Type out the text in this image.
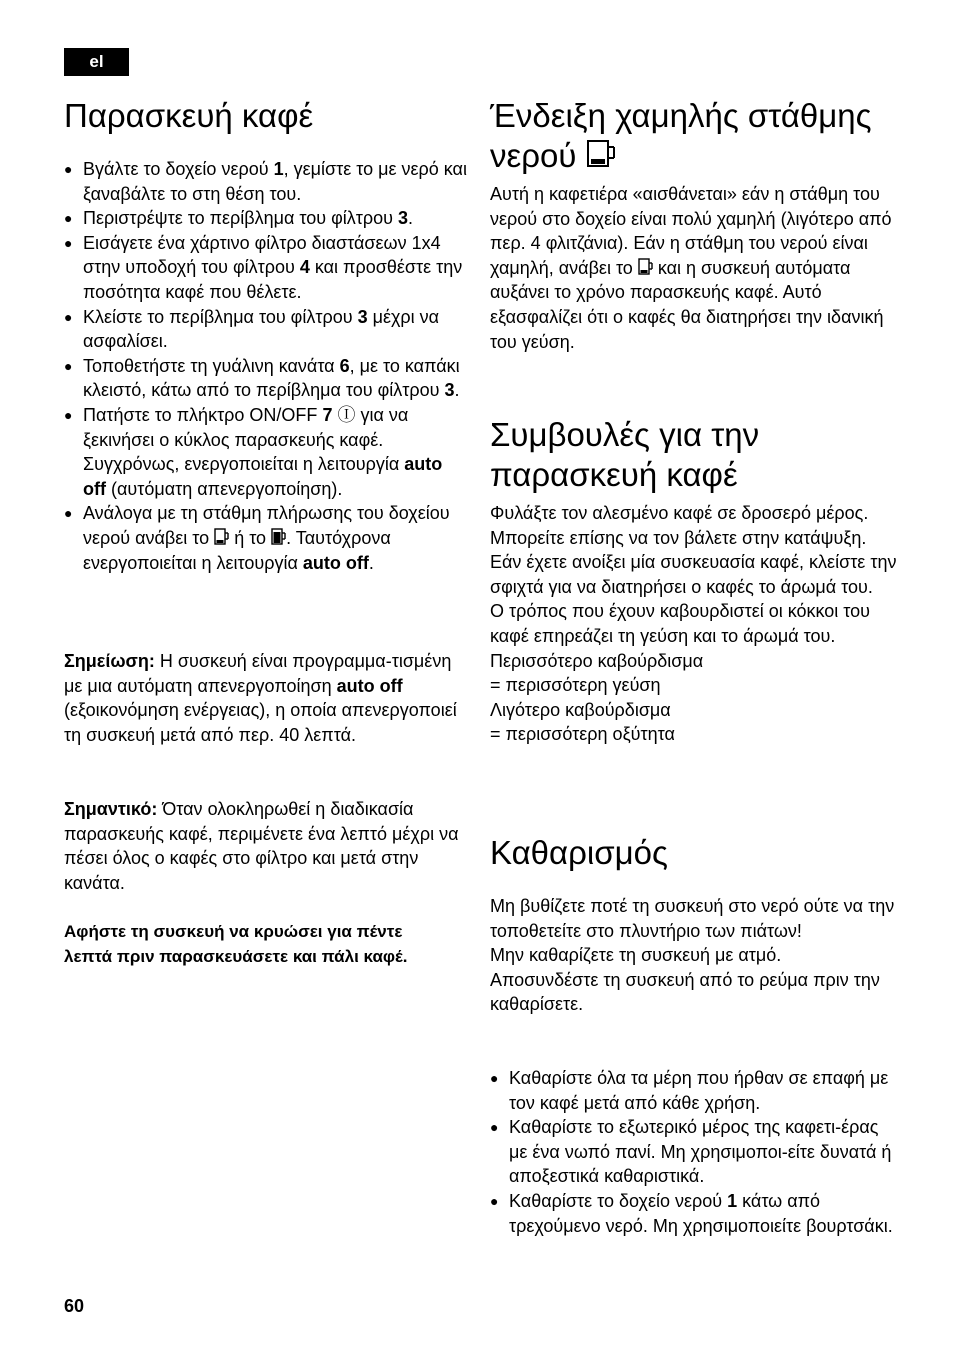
el
Παρασκευή καφέ
● Βγάλτε το δοχείο νερού 1, γεμίστε το με νερό και ξαναβάλτε το στη θέση του.
● Περιστρέψτε το περίβλημα του φίλτρου 3.
● Εισάγετε ένα χάρτινο φίλτρο διαστάσεων 1x4 στην υποδοχή του φίλτρου 4 και προσθέστε την ποσότητα καφέ που θέλετε.
● Κλείστε το περίβλημα του φίλτρου 3 μέχρι να ασφαλίσει.
● Τοποθετήστε τη γυάλινη κανάτα 6, με το καπάκι κλειστό, κάτω από το περίβλημα του φίλτρου 3.
● Πατήστε το πλήκτρο ON/OFF 7 Ⓘ για να ξεκινήσει ο κύκλος παρασκευής καφέ. Συγχρόνως, ενεργοποιείται η λειτουργία auto off (αυτόματη απενεργοποίηση).
● Ανάλογα με τη στάθμη πλήρωσης του δοχείου νερού ανάβει το
ή το
. Ταυτόχρονα ενεργοποιείται η λειτουργία auto off.

Σημείωση: Η συσκευή είναι προγραμμα-τισμένη με μια αυτόματη απενεργοποίηση auto off (εξοικονόμηση ενέργειας), η οποία απενεργοποιεί τη συσκευή μετά από περ. 40 λεπτά.

Σημαντικό: Όταν ολοκληρωθεί η διαδικασία παρασκευής καφέ, περιμένετε ένα λεπτό μέχρι να πέσει όλος ο καφές στο φίλτρο και μετά στην κανάτα.

Αφήστε τη συσκευή να κρυώσει για πέντε λεπτά πριν παρασκευάσετε και πάλι καφέ.

Ένδειξη χαμηλής στάθμης
νερού

Αυτή η καφετιέρα «αισθάνεται» εάν η στάθμη του νερού στο δοχείο είναι πολύ χαμηλή (λιγότερο από περ. 4 φλιτζάνια). Εάν η στάθμη του νερού είναι χαμηλή, ανάβει το
και η συσκευή αυτόματα αυξάνει το χρόνο παρασκευής καφέ. Αυτό εξασφαλίζει ότι ο καφές θα διατηρήσει την ιδανική του γεύση.

Συμβουλές για την
παρασκευή καφέ

Φυλάξτε τον αλεσμένο καφέ σε δροσερό μέρος. Μπορείτε επίσης να τον βάλετε στην κατάψυξη. Εάν έχετε ανοίξει μία συσκευασία καφέ, κλείστε την σφιχτά για να διατηρήσει ο καφές το άρωμά του.

Ο τρόπος που έχουν καβουρδιστεί οι κόκκοι του καφέ επηρεάζει τη γεύση και το άρωμά του.

Περισσότερο καβούρδισμα

= περισσότερη γεύση

Λιγότερο καβούρδισμα

= περισσότερη οξύτητα

Καθαρισμός

Μη βυθίζετε ποτέ τη συσκευή στο νερό ούτε να την τοποθετείτε στο πλυντήριο των πιάτων!

Μην καθαρίζετε τη συσκευή με ατμό.

Αποσυνδέστε τη συσκευή από το ρεύμα πριν την καθαρίσετε.

● Καθαρίστε όλα τα μέρη που ήρθαν σε επαφή με τον καφέ μετά από κάθε χρήση.
● Καθαρίστε το εξωτερικό μέρος της καφετι-έρας με ένα νωπό πανί. Μη χρησιμοποι-είτε δυνατά ή αποξεστικά καθαριστικά.
● Καθαρίστε το δοχείο νερού 1 κάτω από τρεχούμενο νερό. Μη χρησιμοποιείτε βουρτσάκι.
60
